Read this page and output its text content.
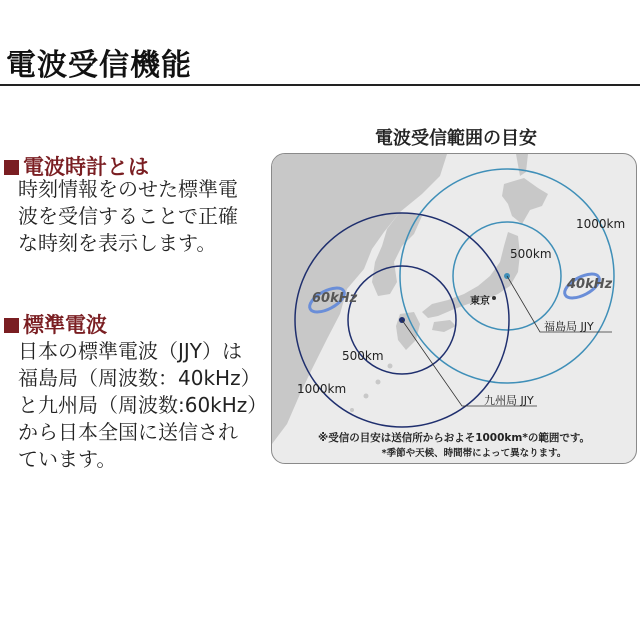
電波受信機能
電波時計とは
時刻情報をのせた標準電
波を受信することで正確
な時刻を表示します。
標準電波
日本の標準電波（JJY）は
福島局（周波数：40kHz）
と九州局（周波数:60kHz）
から日本全国に送信され
ています。
電波受信範囲の目安
1000km
500km
500km
1000km
東京
福島局 JJY
九州局 JJY
60kHz
40kHz
※受信の目安は送信所からおよそ1000km*の範囲です。
*季節や天候、時間帯によって異なります。
